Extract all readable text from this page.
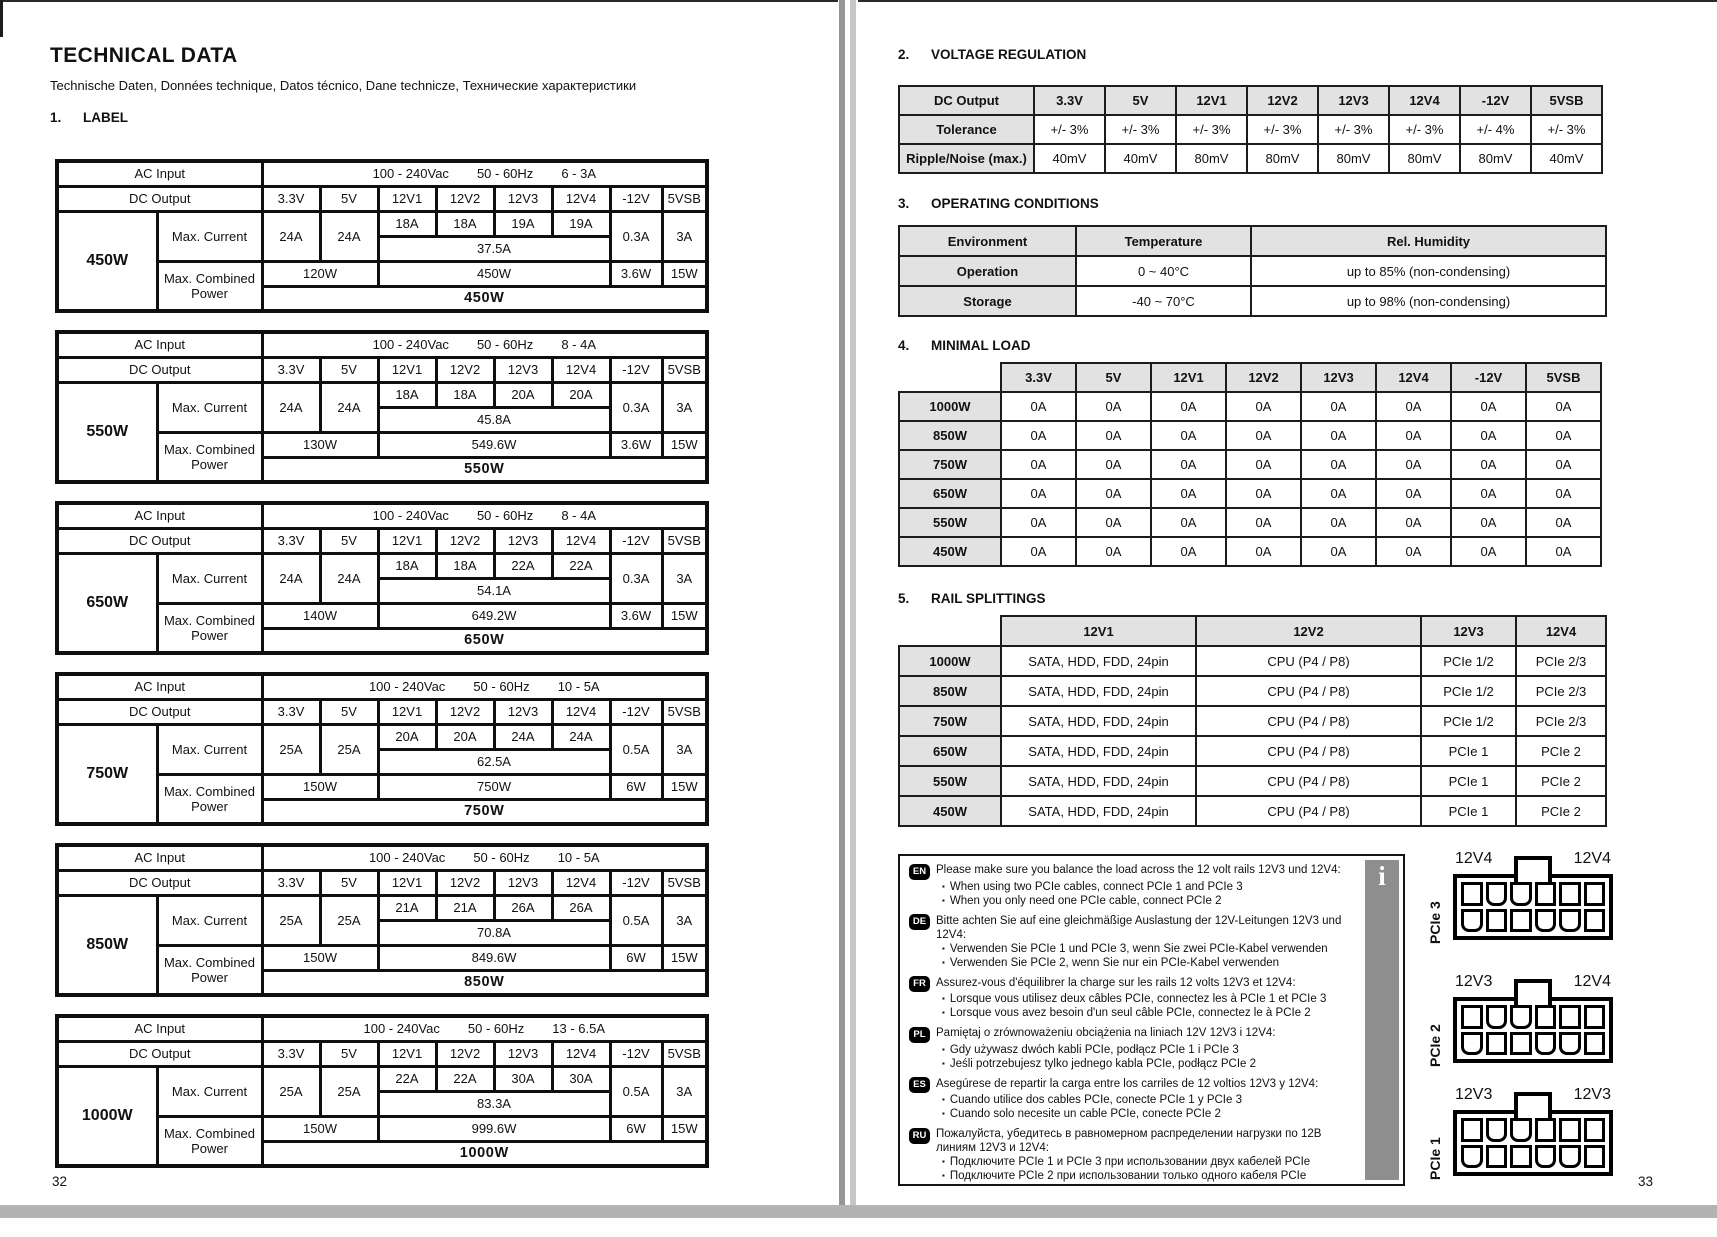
TECHNICAL DATA
Technische Daten, Données technique, Datos técnico, Dane technicze, Технические характеристики
1. LABEL
AC Input		100 - 240Vac 50 - 60Hz 6 - 3A							
DC Output		3.3V	5V	12V1	12V2	12V3	12V4	-12V	5VSB
450W	Max. Current	24A	24A	18A	18A	19A	19A	0.3A	3A
				37.5A					
	Max. Combined Power	120W		450W				3.6W	15W
		450W							
AC Input		100 - 240Vac 50 - 60Hz 8 - 4A							
DC Output		3.3V	5V	12V1	12V2	12V3	12V4	-12V	5VSB
550W	Max. Current	24A	24A	18A	18A	20A	20A	0.3A	3A
				45.8A					
	Max. Combined Power	130W		549.6W				3.6W	15W
		550W							
AC Input		100 - 240Vac 50 - 60Hz 8 - 4A							
DC Output		3.3V	5V	12V1	12V2	12V3	12V4	-12V	5VSB
650W	Max. Current	24A	24A	18A	18A	22A	22A	0.3A	3A
				54.1A					
	Max. Combined Power	140W		649.2W				3.6W	15W
		650W							
AC Input		100 - 240Vac 50 - 60Hz 10 - 5A							
DC Output		3.3V	5V	12V1	12V2	12V3	12V4	-12V	5VSB
750W	Max. Current	25A	25A	20A	20A	24A	24A	0.5A	3A
				62.5A					
	Max. Combined Power	150W		750W				6W	15W
		750W							
AC Input		100 - 240Vac 50 - 60Hz 10 - 5A							
DC Output		3.3V	5V	12V1	12V2	12V3	12V4	-12V	5VSB
850W	Max. Current	25A	25A	21A	21A	26A	26A	0.5A	3A
				70.8A					
	Max. Combined Power	150W		849.6W				6W	15W
		850W							
AC Input		100 - 240Vac 50 - 60Hz 13 - 6.5A							
DC Output		3.3V	5V	12V1	12V2	12V3	12V4	-12V	5VSB
1000W	Max. Current	25A	25A	22A	22A	30A	30A	0.5A	3A
				83.3A					
	Max. Combined Power	150W		999.6W				6W	15W
		1000W							
32
2. VOLTAGE REGULATION
3. OPERATING CONDITIONS
4. MINIMAL LOAD
5. RAIL SPLITTINGS
DC Output	3.3V	5V	12V1	12V2	12V3	12V4	-12V	5VSB
Tolerance	+/- 3%	+/- 3%	+/- 3%	+/- 3%	+/- 3%	+/- 3%	+/- 4%	+/- 3%
Ripple/Noise (max.)	40mV	40mV	80mV	80mV	80mV	80mV	80mV	40mV
Environment	Temperature	Rel. Humidity
Operation	0 ~ 40°C	up to 85% (non-condensing)
Storage	-40 ~ 70°C	up to 98% (non-condensing)
	3.3V	5V	12V1	12V2	12V3	12V4	-12V	5VSB
1000W	0A	0A	0A	0A	0A	0A	0A	0A
850W	0A	0A	0A	0A	0A	0A	0A	0A
750W	0A	0A	0A	0A	0A	0A	0A	0A
650W	0A	0A	0A	0A	0A	0A	0A	0A
550W	0A	0A	0A	0A	0A	0A	0A	0A
450W	0A	0A	0A	0A	0A	0A	0A	0A
	12V1	12V2	12V3	12V4
1000W	SATA, HDD, FDD, 24pin	CPU (P4 / P8)	PCIe 1/2	PCIe 2/3
850W	SATA, HDD, FDD, 24pin	CPU (P4 / P8)	PCIe 1/2	PCIe 2/3
750W	SATA, HDD, FDD, 24pin	CPU (P4 / P8)	PCIe 1/2	PCIe 2/3
650W	SATA, HDD, FDD, 24pin	CPU (P4 / P8)	PCIe 1	PCIe 2
550W	SATA, HDD, FDD, 24pin	CPU (P4 / P8)	PCIe 1	PCIe 2
450W	SATA, HDD, FDD, 24pin	CPU (P4 / P8)	PCIe 1	PCIe 2
EN Please make sure you balance the load across the 12 volt rails 12V3 und 12V4:
▪ When using two PCIe cables, connect PCIe 1 and PCIe 3
▪ When you only need one PCIe cable, connect PCIe 2
DE Bitte achten Sie auf eine gleichmäßige Auslastung der 12V-Leitungen 12V3 und 12V4:
▪ Verwenden Sie PCIe 1 und PCIe 3, wenn Sie zwei PCIe-Kabel verwenden
▪ Verwenden Sie PCIe 2, wenn Sie nur ein PCIe-Kabel verwenden
FR Assurez-vous d'équilibrer la charge sur les rails 12 volts 12V3 et 12V4:
▪ Lorsque vous utilisez deux câbles PCIe, connectez les à PCIe 1 et PCIe 3
▪ Lorsque vous avez besoin d'un seul câble PCIe, connectez le à PCIe 2
PL Pamiętaj o zrównoważeniu obciążenia na liniach 12V 12V3 i 12V4:
▪ Gdy używasz dwóch kabli PCIe, podłącz PCIe 1 i PCIe 3
▪ Jeśli potrzebujesz tylko jednego kabla PCIe, podłącz PCIe 2
ES Asegúrese de repartir la carga entre los carriles de 12 voltios 12V3 y 12V4:
▪ Cuando utilice dos cables PCIe, conecte PCIe 1 y PCIe 3
▪ Cuando solo necesite un cable PCIe, conecte PCIe 2
RU Пожалуйста, убедитесь в равномерном распределении нагрузки по 12В линиям 12V3 и 12V4:
▪ Подключите PCIe 1 и PCIe 3 при использовании двух кабелей PCIe
▪ Подключите PCIe 2 при использовании только одного кабеля PCIe
i
12V4	12V4
PCIe 3
12V3	12V4
PCIe 2
12V3	12V3
PCIe 1
33
